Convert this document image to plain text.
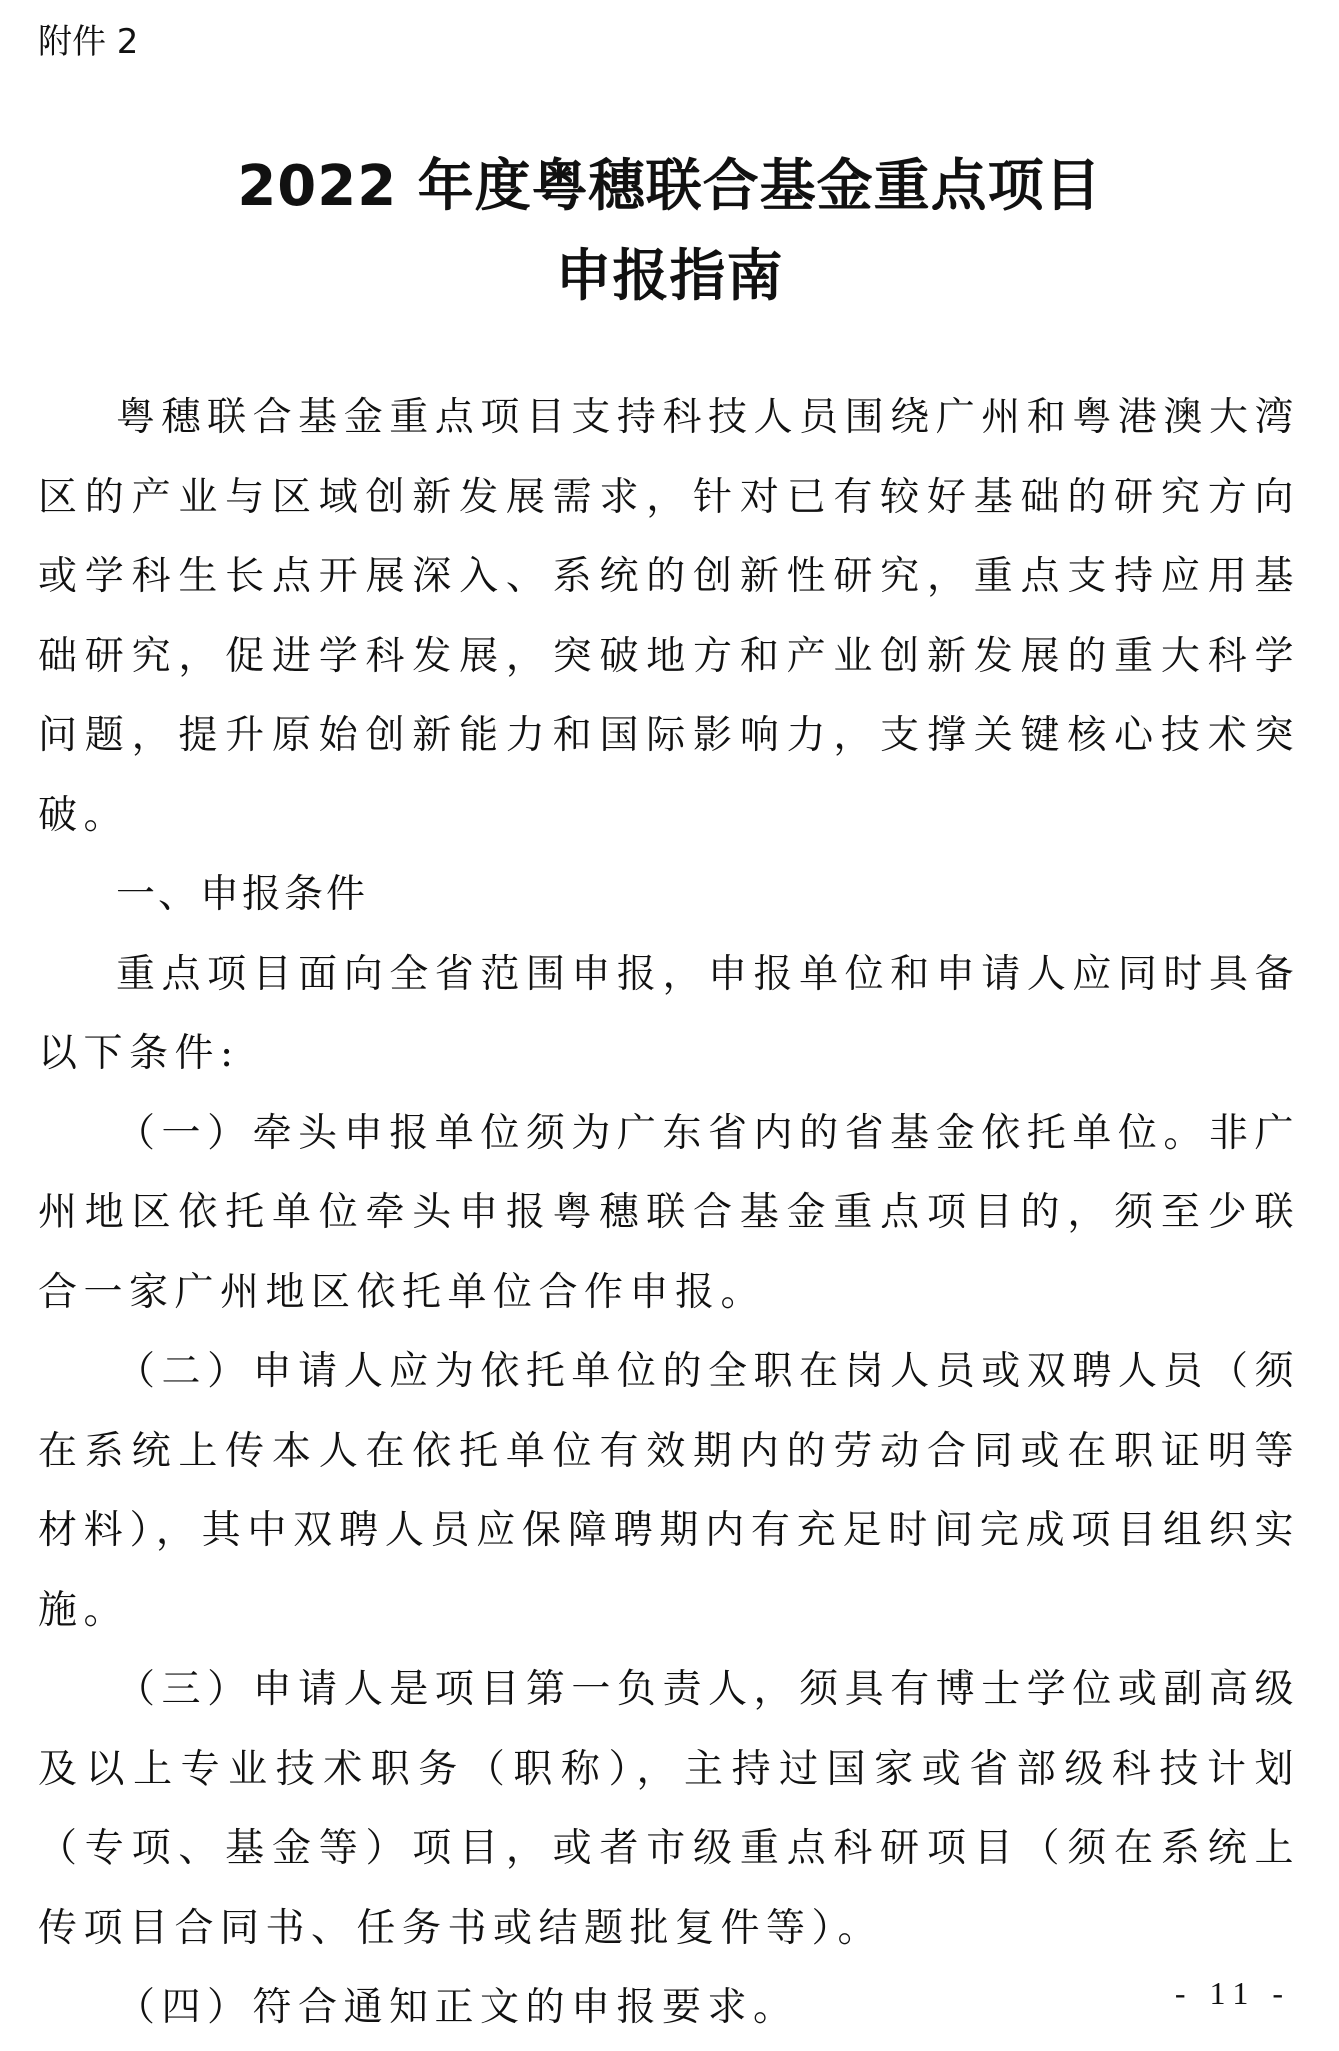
附件 2
2022 年度粤穗联合基金重点项目
申报指南

粤穗联合基金重点项目支持科技人员围绕广州和粤港澳大湾区的产业与区域创新发展需求，针对已有较好基础的研究方向或学科生长点开展深入、系统的创新性研究，重点支持应用基础研究，促进学科发展，突破地方和产业创新发展的重大科学问题，提升原始创新能力和国际影响力，支撑关键核心技术突破。

一、申报条件

重点项目面向全省范围申报，申报单位和申请人应同时具备以下条件:

（一）牵头申报单位须为广东省内的省基金依托单位。非广州地区依托单位牵头申报粤穗联合基金重点项目的，须至少联合一家广州地区依托单位合作申报。

（二）申请人应为依托单位的全职在岗人员或双聘人员（须在系统上传本人在依托单位有效期内的劳动合同或在职证明等材料），其中双聘人员应保障聘期内有充足时间完成项目组织实施。

（三）申请人是项目第一负责人，须具有博士学位或副高级及以上专业技术职务（职称），主持过国家或省部级科技计划（专项、基金等）项目，或者市级重点科研项目（须在系统上传项目合同书、任务书或结题批复件等）。

（四）符合通知正文的申报要求。	- 11 -
